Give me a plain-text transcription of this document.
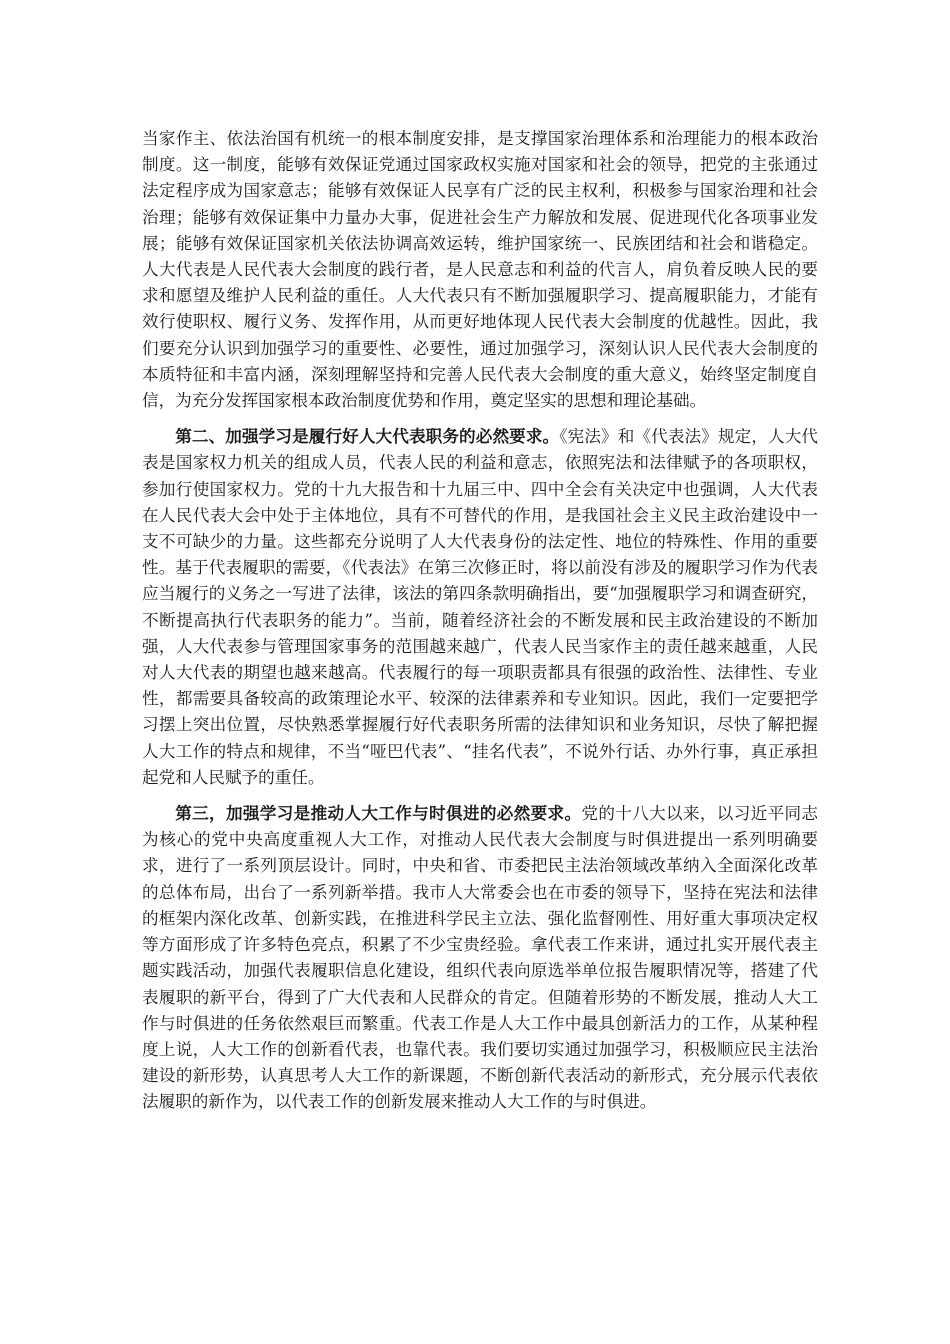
当家作主、依法治国有机统一的根本制度安排，是支撑国家治理体系和治理能力的根本政治制度。这一制度，能够有效保证党通过国家政权实施对国家和社会的领导，把党的主张通过法定程序成为国家意志；能够有效保证人民享有广泛的民主权利，积极参与国家治理和社会治理；能够有效保证集中力量办大事，促进社会生产力解放和发展、促进现代化各项事业发展；能够有效保证国家机关依法协调高效运转，维护国家统一、民族团结和社会和谐稳定。人大代表是人民代表大会制度的践行者，是人民意志和利益的代言人，肩负着反映人民的要求和愿望及维护人民利益的重任。人大代表只有不断加强履职学习、提高履职能力，才能有效行使职权、履行义务、发挥作用，从而更好地体现人民代表大会制度的优越性。因此，我们要充分认识到加强学习的重要性、必要性，通过加强学习，深刻认识人民代表大会制度的本质特征和丰富内涵，深刻理解坚持和完善人民代表大会制度的重大意义，始终坚定制度自信，为充分发挥国家根本政治制度优势和作用，奠定坚实的思想和理论基础。

第二、加强学习是履行好人大代表职务的必然要求。《宪法》和《代表法》规定，人大代表是国家权力机关的组成人员，代表人民的利益和意志，依照宪法和法律赋予的各项职权，参加行使国家权力。党的十九大报告和十九届三中、四中全会有关决定中也强调，人大代表在人民代表大会中处于主体地位，具有不可替代的作用，是我国社会主义民主政治建设中一支不可缺少的力量。这些都充分说明了人大代表身份的法定性、地位的特殊性、作用的重要性。基于代表履职的需要，《代表法》在第三次修正时，将以前没有涉及的履职学习作为代表应当履行的义务之一写进了法律，该法的第四条款明确指出，要“加强履职学习和调查研究，不断提高执行代表职务的能力”。当前，随着经济社会的不断发展和民主政治建设的不断加强，人大代表参与管理国家事务的范围越来越广，代表人民当家作主的责任越来越重，人民对人大代表的期望也越来越高。代表履行的每一项职责都具有很强的政治性、法律性、专业性，都需要具备较高的政策理论水平、较深的法律素养和专业知识。因此，我们一定要把学习摆上突出位置，尽快熟悉掌握履行好代表职务所需的法律知识和业务知识，尽快了解把握人大工作的特点和规律，不当“哑巴代表”、“挂名代表”，不说外行话、办外行事，真正承担起党和人民赋予的重任。

第三，加强学习是推动人大工作与时俱进的必然要求。党的十八大以来，以习近平同志为核心的党中央高度重视人大工作，对推动人民代表大会制度与时俱进提出一系列明确要求，进行了一系列顶层设计。同时，中央和省、市委把民主法治领域改革纳入全面深化改革的总体布局，出台了一系列新举措。我市人大常委会也在市委的领导下，坚持在宪法和法律的框架内深化改革、创新实践，在推进科学民主立法、强化监督刚性、用好重大事项决定权等方面形成了许多特色亮点，积累了不少宝贵经验。拿代表工作来讲，通过扎实开展代表主题实践活动，加强代表履职信息化建设，组织代表向原选举单位报告履职情况等，搭建了代表履职的新平台，得到了广大代表和人民群众的肯定。但随着形势的不断发展，推动人大工作与时俱进的任务依然艰巨而繁重。代表工作是人大工作中最具创新活力的工作，从某种程度上说，人大工作的创新看代表，也靠代表。我们要切实通过加强学习，积极顺应民主法治建设的新形势，认真思考人大工作的新课题，不断创新代表活动的新形式，充分展示代表依法履职的新作为，以代表工作的创新发展来推动人大工作的与时俱进。
